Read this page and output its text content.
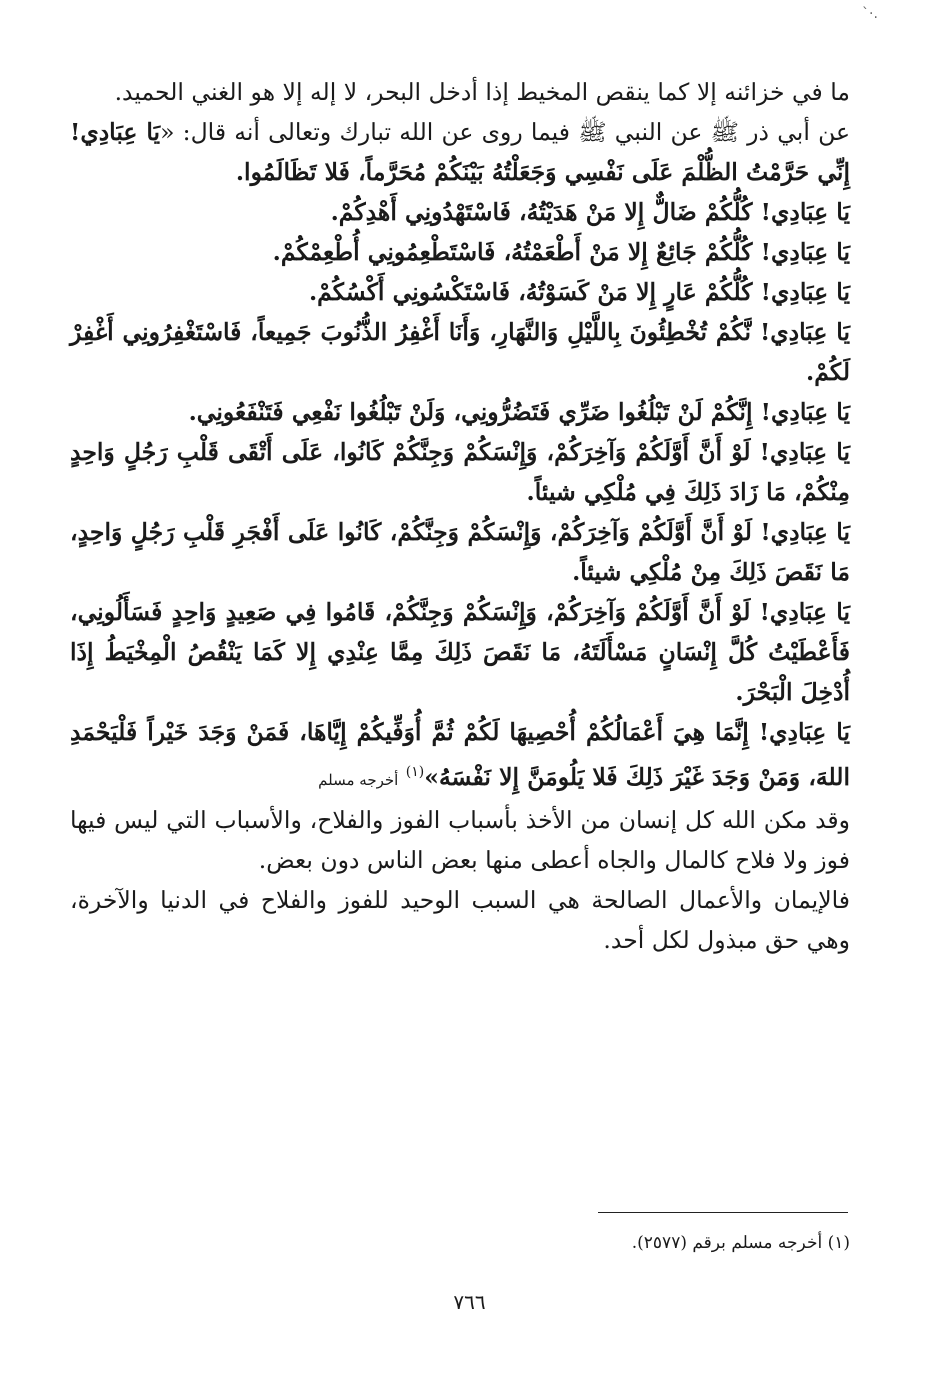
`·.

ما في خزائنه إلا كما ينقص المخيط إذا أدخل البحر، لا إله إلا هو الغني الحميد.

عن أبي ذر ﷺ عن النبي ﷺ فيما روى عن الله تبارك وتعالى أنه قال: «يَا عِبَادِي! إِنِّي حَرَّمْتُ الظُّلْمَ عَلَى نَفْسِي وَجَعَلْتُهُ بَيْنَكُمْ مُحَرَّماً، فَلا تَظَالَمُوا.

يَا عِبَادِي! كُلُّكُمْ ضَالٌّ إِلا مَنْ هَدَيْتُهُ، فَاسْتَهْدُونِي أَهْدِكُمْ.

يَا عِبَادِي! كُلُّكُمْ جَائِعٌ إِلا مَنْ أَطْعَمْتُهُ، فَاسْتَطْعِمُونِي أُطْعِمْكُمْ.

يَا عِبَادِي! كُلُّكُمْ عَارٍ إِلا مَنْ كَسَوْتُهُ، فَاسْتَكْسُونِي أَكْسُكُمْ.

يَا عِبَادِي! نَّكُمْ تُخْطِئُونَ بِاللَّيْلِ وَالنَّهَارِ، وَأَنَا أَغْفِرُ الذُّنُوبَ جَمِيعاً، فَاسْتَغْفِرُونِي أَغْفِرْ لَكُمْ.

يَا عِبَادِي! إِنَّكُمْ لَنْ تَبْلُغُوا ضَرِّي فَتَضُرُّونِي، وَلَنْ تَبْلُغُوا نَفْعِي فَتَنْفَعُونِي.

يَا عِبَادِي! لَوْ أَنَّ أَوَّلَكُمْ وَآخِرَكُمْ، وَإِنْسَكُمْ وَجِنَّكُمْ كَانُوا، عَلَى أَتْقَى قَلْبِ رَجُلٍ وَاحِدٍ مِنْكُمْ، مَا زَادَ ذَلِكَ فِي مُلْكِي شيئاً.

يَا عِبَادِي! لَوْ أَنَّ أَوَّلَكُمْ وَآخِرَكُمْ، وَإِنْسَكُمْ وَجِنَّكُمْ، كَانُوا عَلَى أَفْجَرِ قَلْبِ رَجُلٍ وَاحِدٍ، مَا نَقَصَ ذَلِكَ مِنْ مُلْكِي شيئاً.

يَا عِبَادِي! لَوْ أَنَّ أَوَّلَكُمْ وَآخِرَكُمْ، وَإِنْسَكُمْ وَجِنَّكُمْ، قَامُوا فِي صَعِيدٍ وَاحِدٍ فَسَأَلُونِي، فَأَعْطَيْتُ كُلَّ إِنْسَانٍ مَسْأَلَتَهُ، مَا نَقَصَ ذَلِكَ مِمَّا عِنْدِي إِلا كَمَا يَنْقُصُ الْمِخْيَطُ إِذَا أُدْخِلَ الْبَحْرَ.

يَا عِبَادِي! إِنَّمَا هِيَ أَعْمَالُكُمْ أُحْصِيهَا لَكُمْ ثُمَّ أُوَفِّيكُمْ إِيَّاهَا، فَمَنْ وَجَدَ خَيْراً فَلْيَحْمَدِ اللهَ، وَمَنْ وَجَدَ غَيْرَ ذَلِكَ فَلا يَلُومَنَّ إِلا نَفْسَهُ»$^{(١)}$ أخرجه مسلم

وقد مكن الله كل إنسان من الأخذ بأسباب الفوز والفلاح، والأسباب التي ليس فيها فوز ولا فلاح كالمال والجاه أعطى منها بعض الناس دون بعض.

فالإيمان والأعمال الصالحة هي السبب الوحيد للفوز والفلاح في الدنيا والآخرة، وهي حق مبذول لكل أحد.

(١) أخرجه مسلم برقم (٢٥٧٧).
٧٦٦
